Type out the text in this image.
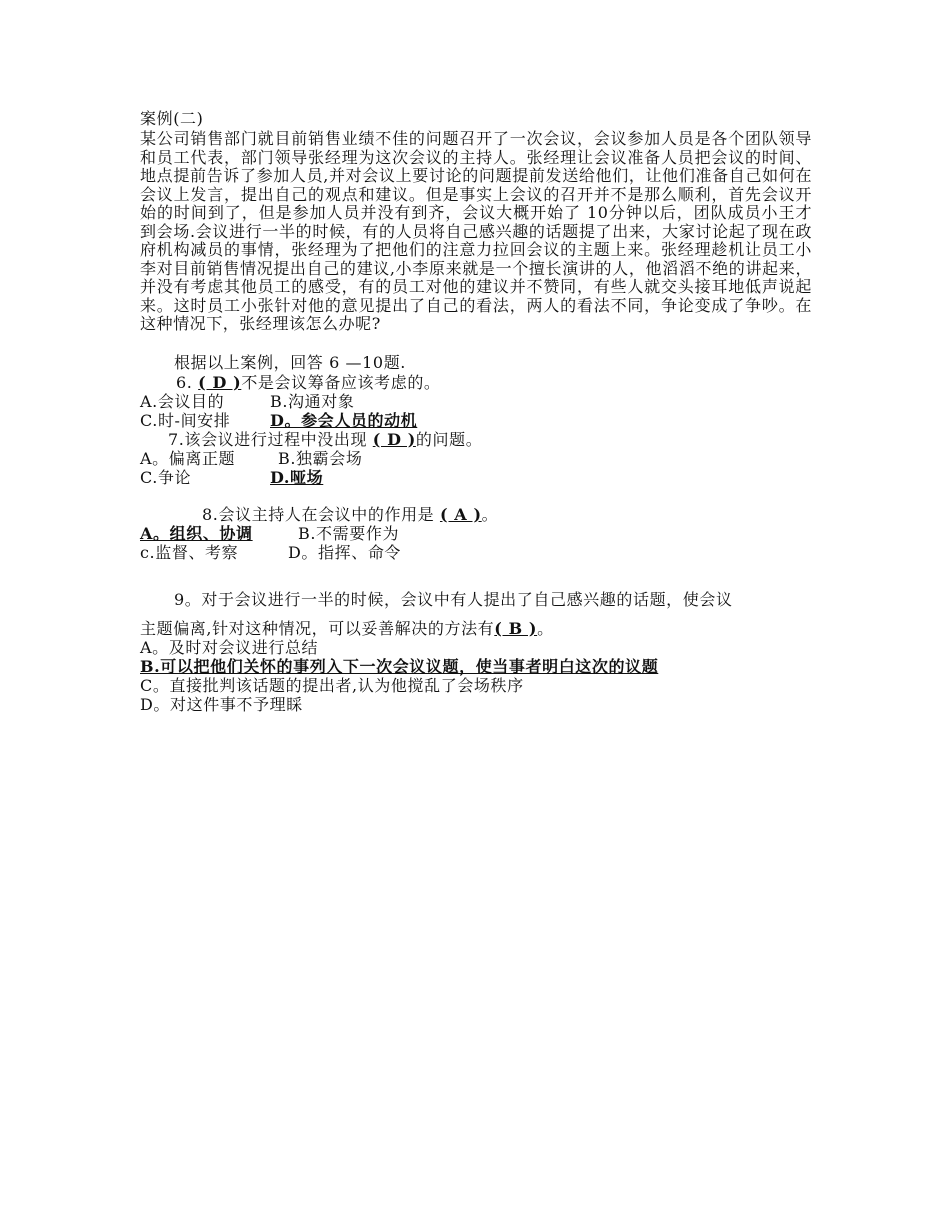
案例(二)
某公司销售部门就目前销售业绩不佳的问题召开了一次会议，会议参加人员是各个团队领导和员工代表，部门领导张经理为这次会议的主持人。张经理让会议准备人员把会议的时间、地点提前告诉了参加人员,并对会议上要讨论的问题提前发送给他们，让他们准备自己如何在会议上发言，提出自己的观点和建议。但是事实上会议的召开并不是那么顺利，首先会议开始的时间到了，但是参加人员并没有到齐，会议大概开始了 10分钟以后，团队成员小王才到会场.会议进行一半的时候，有的人员将自己感兴趣的话题提了出来，大家讨论起了现在政府机构减员的事情，张经理为了把他们的注意力拉回会议的主题上来。张经理趁机让员工小李对目前销售情况提出自己的建议,小李原来就是一个擅长演讲的人，他滔滔不绝的讲起来，并没有考虑其他员工的感受，有的员工对他的建议并不赞同，有些人就交头接耳地低声说起来。这时员工小张针对他的意见提出了自己的看法，两人的看法不同，争论变成了争吵。在这种情况下，张经理该怎么办呢?
根据以上案例，回答 6 —10题.
6. ( D )不是会议筹备应该考虑的。
A.会议目的	B.沟通对象
C.时-间安排 D。参会人员的动机
7.该会议进行过程中没出现 ( D )的问题。
A。偏离正题	B.独霸会场
C.争论	D.哑场
8.会议主持人在会议中的作用是 ( A )。
A。组织、协调	B.不需要作为
c.监督、考察	D。指挥、命令
9。对于会议进行一半的时候，会议中有人提出了自己感兴趣的话题，使会议
主题偏离,针对这种情况，可以妥善解决的方法有( B )。
A。及时对会议进行总结
B.可以把他们关怀的事列入下一次会议议题，使当事者明白这次的议题
C。直接批判该话题的提出者,认为他搅乱了会场秩序
D。对这件事不予理睬
